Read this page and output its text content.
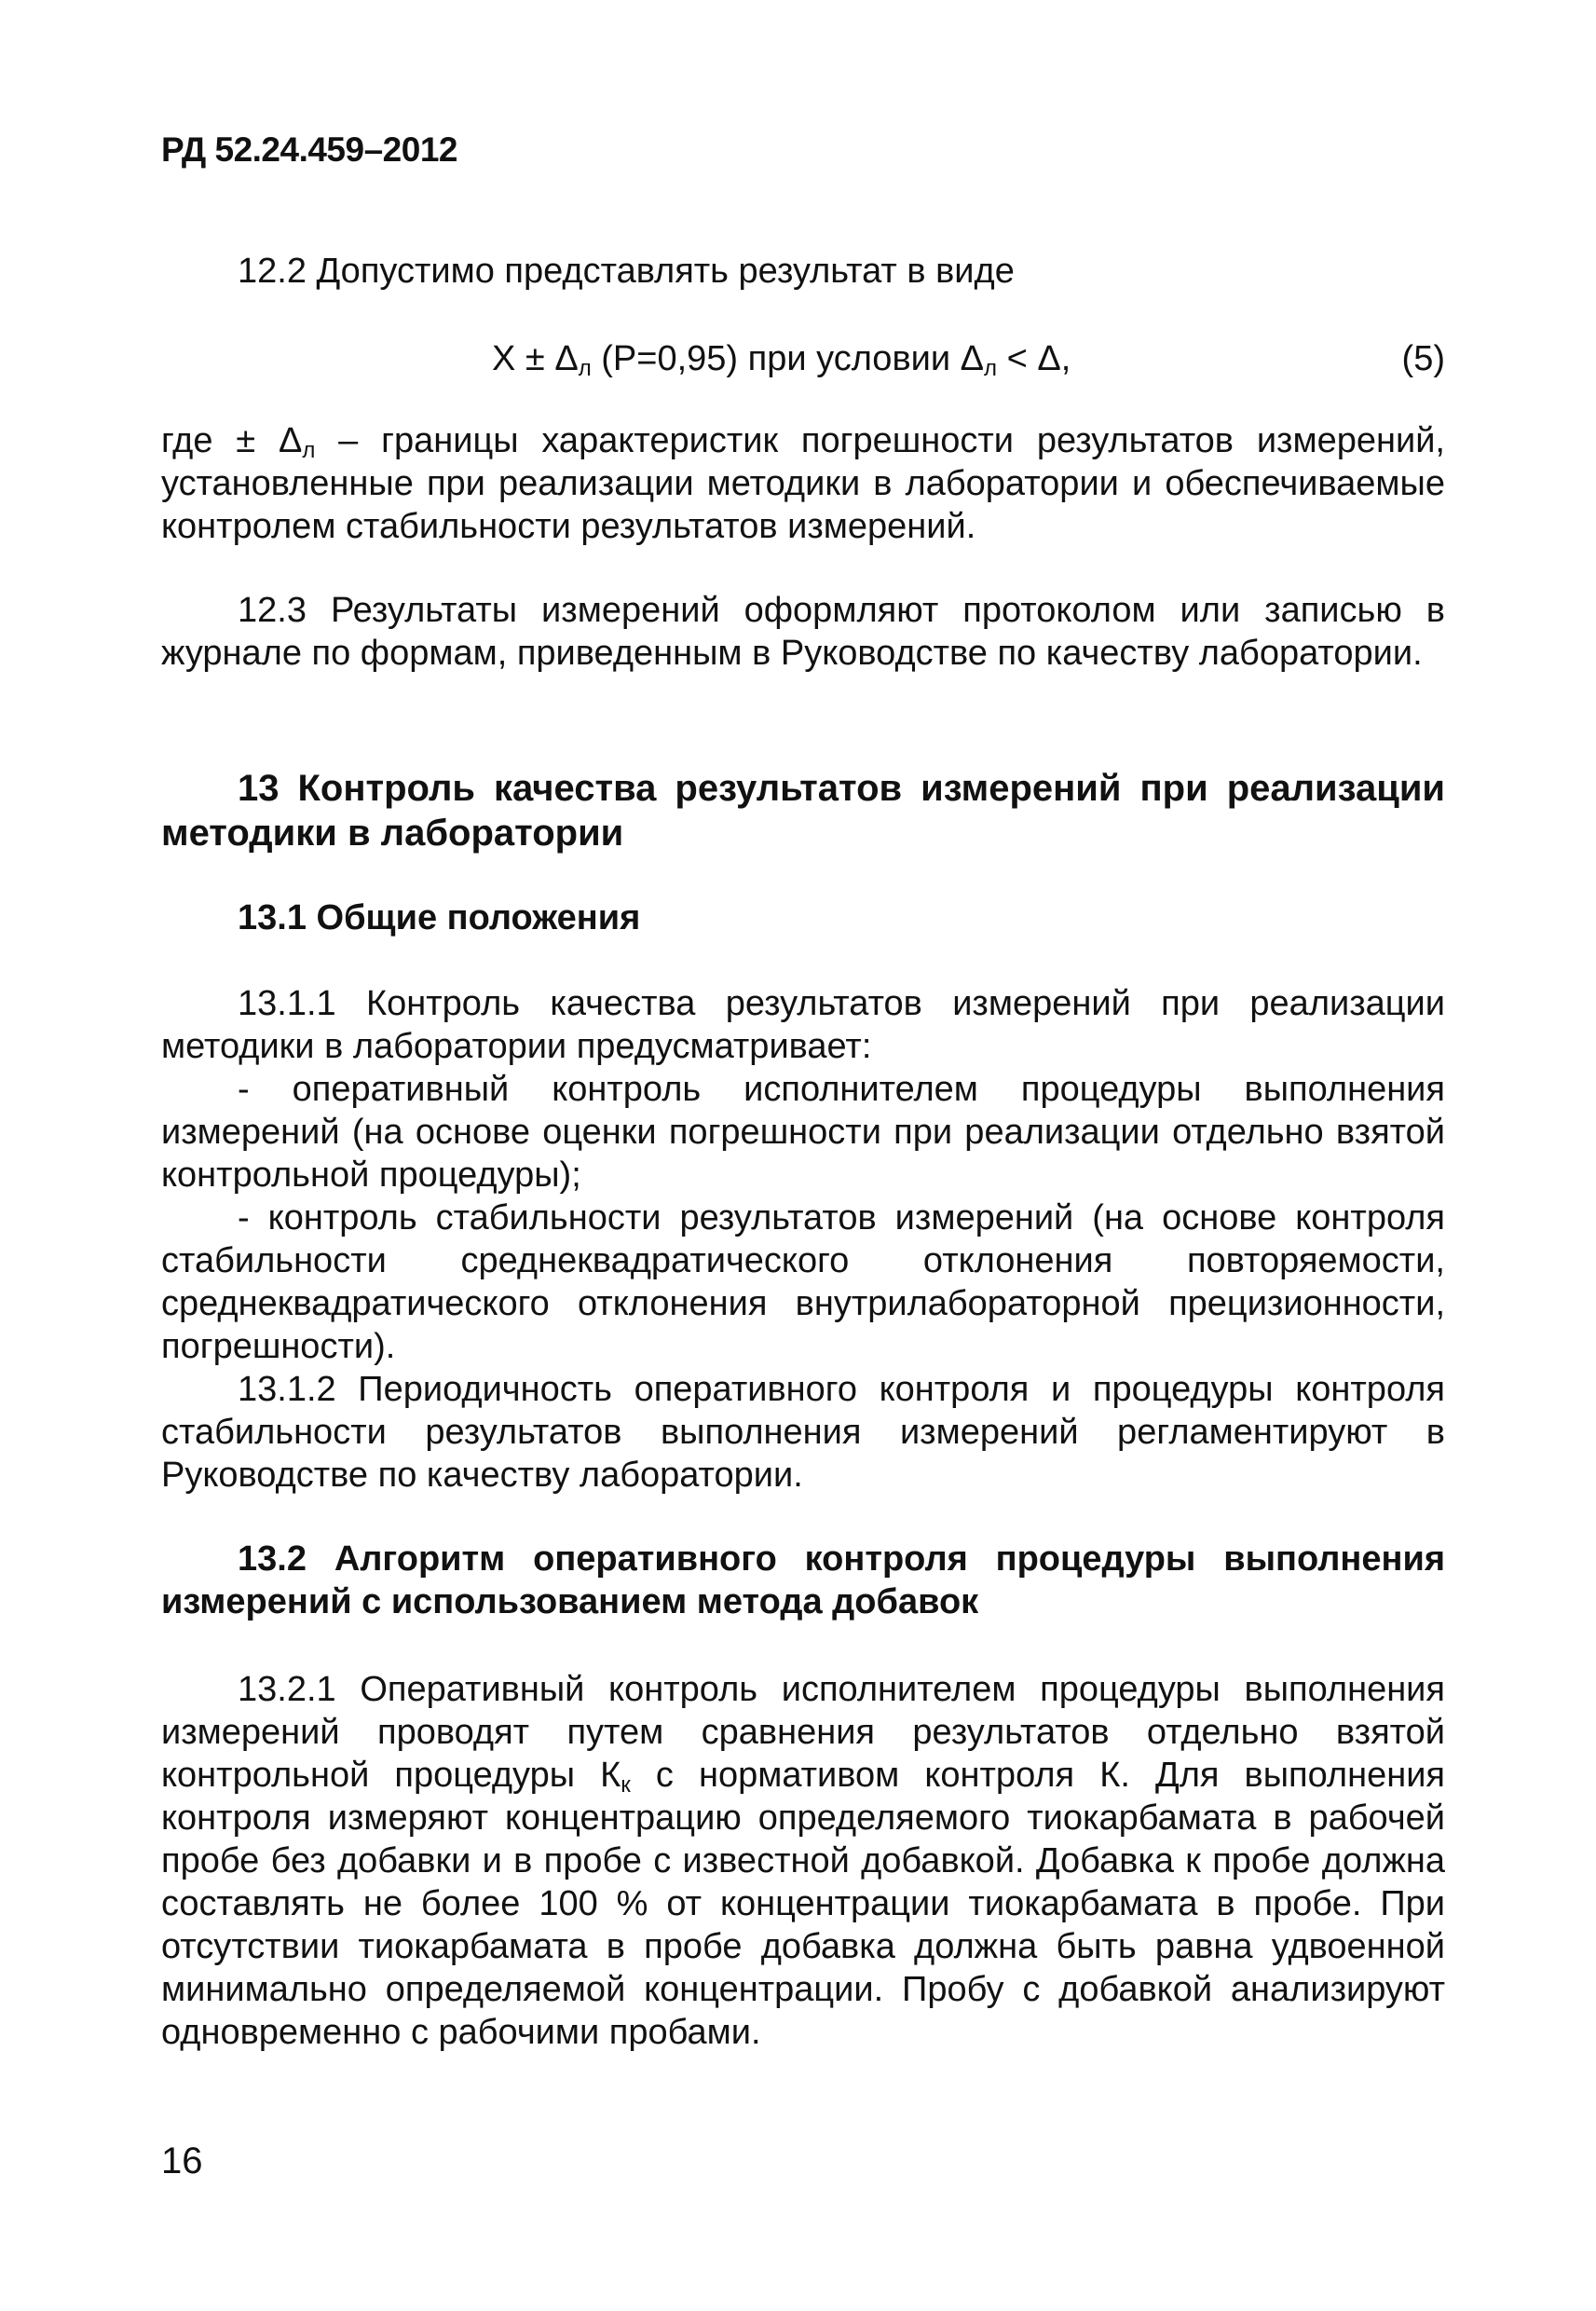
РД 52.24.459–2012

12.2 Допустимо представлять результат в виде

$X \pm \Delta_л$ (P=0,95) при условии $\Delta_л < \Delta$,	(5)

где ± $\Delta_л$ – границы характеристик погрешности результатов измерений, установленные при реализации методики в лаборатории и обеспечиваемые контролем стабильности результатов измерений.

12.3 Результаты измерений оформляют протоколом или записью в журнале по формам, приведенным в Руководстве по качеству лаборатории.

13 Контроль качества результатов измерений при реализации методики в лаборатории
13.1 Общие положения

13.1.1 Контроль качества результатов измерений при реализации методики в лаборатории предусматривает:

- оперативный контроль исполнителем процедуры выполнения измерений (на основе оценки погрешности при реализации отдельно взятой контрольной процедуры);

- контроль стабильности результатов измерений (на основе контроля стабильности среднеквадратического отклонения повторяемости, среднеквадратического отклонения внутрилабораторной прецизионности, погрешности).

13.1.2 Периодичность оперативного контроля и процедуры контроля стабильности результатов выполнения измерений регламентируют в Руководстве по качеству лаборатории.

13.2 Алгоритм оперативного контроля процедуры выполнения измерений с использованием метода добавок

13.2.1 Оперативный контроль исполнителем процедуры выполнения измерений проводят путем сравнения результатов отдельно взятой контрольной процедуры $К_к$ с нормативом контроля К. Для выполнения контроля измеряют концентрацию определяемого тиокарбамата в рабочей пробе без добавки и в пробе с известной добавкой. Добавка к пробе должна составлять не более 100 % от концентрации тиокарбамата в пробе. При отсутствии тиокарбамата в пробе добавка должна быть равна удвоенной минимально определяемой концентрации. Пробу с добавкой анализируют одновременно с рабочими пробами.

16
